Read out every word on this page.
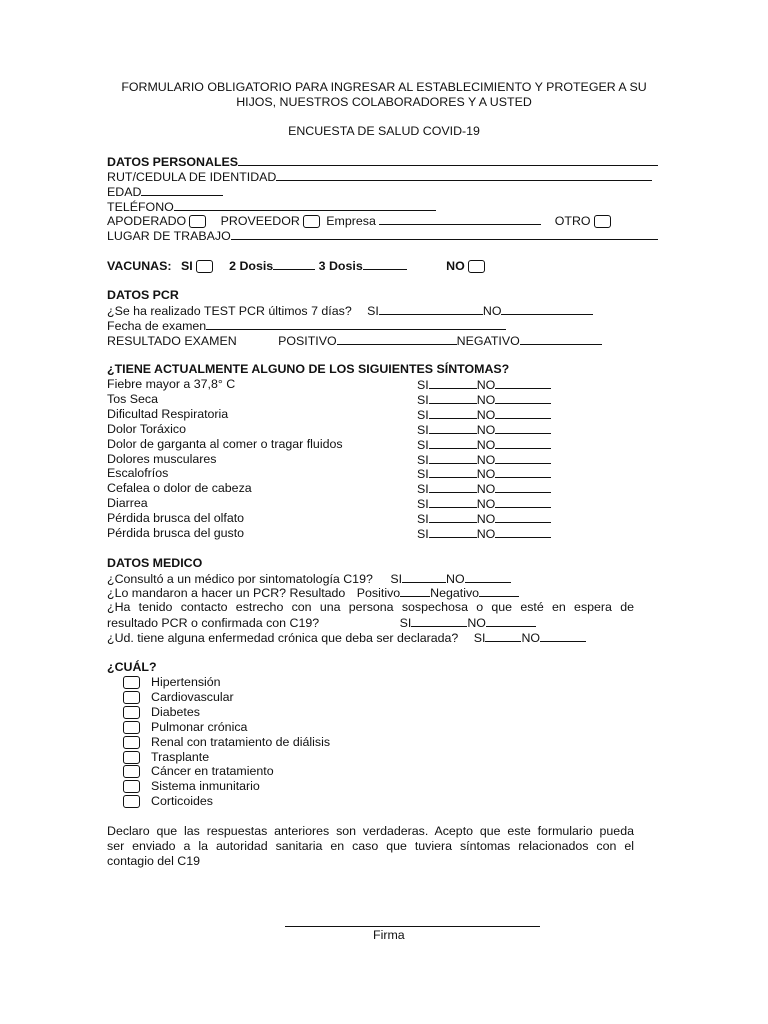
FORMULARIO OBLIGATORIO PARA INGRESAR AL ESTABLECIMIENTO Y PROTEGER A SU
HIJOS, NUESTROS COLABORADORES Y A USTED
ENCUESTA DE SALUD COVID-19
DATOS PERSONALES
RUT/CEDULA DE IDENTIDAD
EDAD
TELÉFONO
APODERADO	PROVEEDOR Empresa	OTRO
LUGAR DE TRABAJO
VACUNAS: SI	2 Dosis	3 Dosis	NO
DATOS PCR
¿Se ha realizado TEST PCR últimos 7 días? SI	NO
Fecha de examen
RESULTADO EXAMEN	POSITIVO	NEGATIVO
¿TIENE ACTUALMENTE ALGUNO DE LOS SIGUIENTES SÍNTOMAS?
Fiebre mayor a 37,8° C	SI	NO
Tos Seca	SI	NO
Dificultad Respiratoria	SI	NO
Dolor Toráxico	SI	NO
Dolor de garganta al comer o tragar fluidos	SI	NO
Dolores musculares	SI	NO
Escalofríos	SI	NO
Cefalea o dolor de cabeza	SI	NO
Diarrea	SI	NO
Pérdida brusca del olfato	SI	NO
Pérdida brusca del gusto	SI	NO
DATOS MEDICO
¿Consultó a un médico por sintomatología C19? SI	NO
¿Lo mandaron a hacer un PCR? Resultado Positivo Negativo
¿Ha tenido contacto estrecho con una persona sospechosa o que esté en espera de
resultado PCR o confirmada con C19?	SI	NO
¿Ud. tiene alguna enfermedad crónica que deba ser declarada? SI	NO
¿CUÁL?
Hipertensión
Cardiovascular
Diabetes
Pulmonar crónica
Renal con tratamiento de diálisis
Trasplante
Cáncer en tratamiento
Sistema inmunitario
Corticoides
Declaro que las respuestas anteriores son verdaderas. Acepto que este formulario pueda
ser enviado a la autoridad sanitaria en caso que tuviera síntomas relacionados con el
contagio del C19
Firma
